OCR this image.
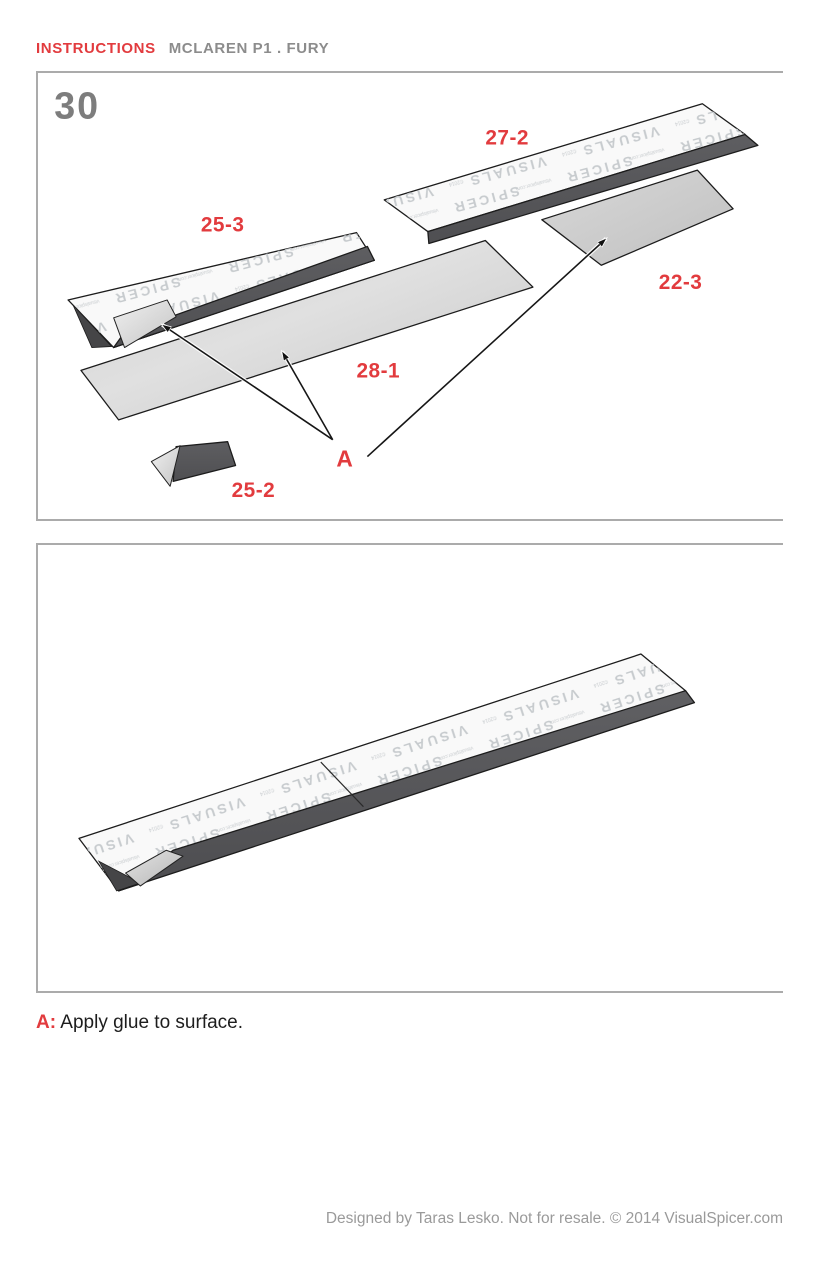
INSTRUCTIONS MCLAREN P1 . FURY
30
25-3
27-2
22-3
28-1
25-2
A
A: Apply glue to surface.
Designed by Taras Lesko. Not for resale. © 2014 VisualSpicer.com
